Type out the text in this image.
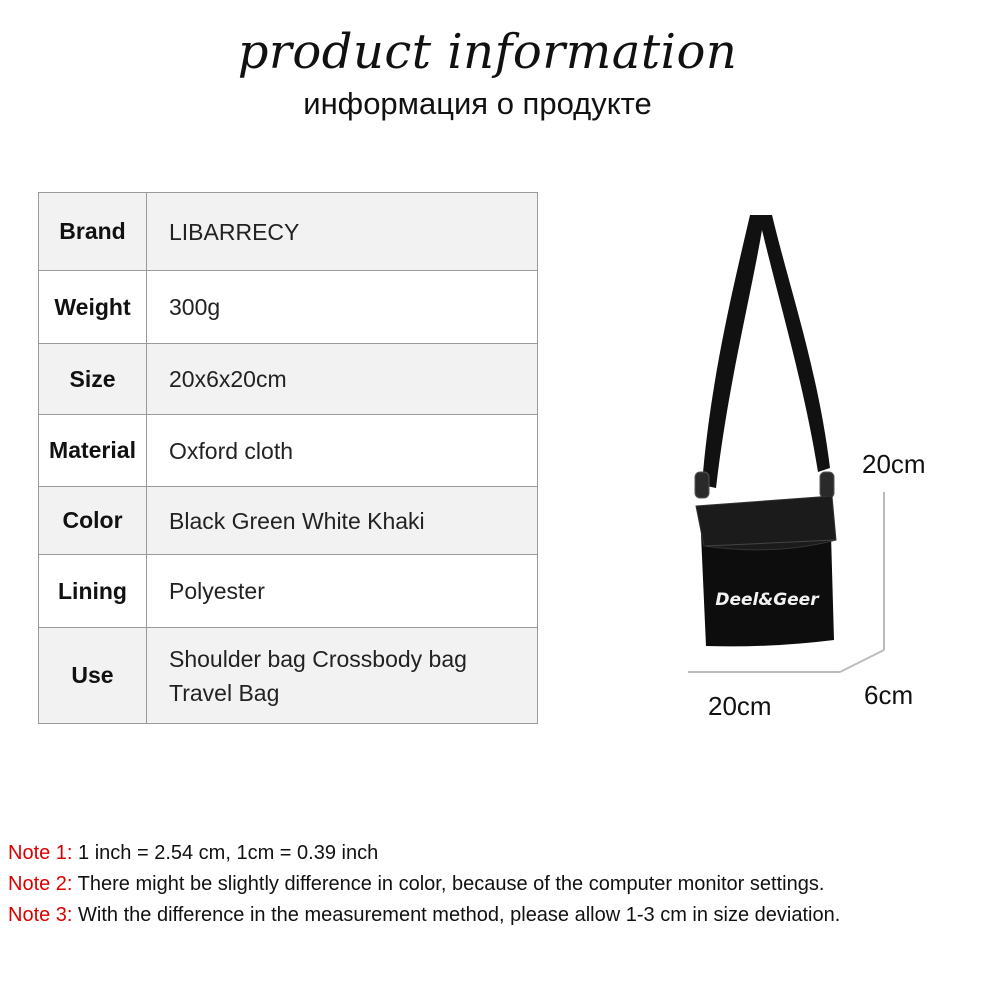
product information
информация о продукте
Brand	LIBARRECY
Weight	300g
Size	20x6x20cm
Material	Oxford cloth
Color	Black Green White Khaki
Lining	Polyester
Use	Shoulder bag Crossbody bag
Travel Bag
Deel&Geer
20cm
20cm	6cm
Note 1: 1 inch = 2.54 cm, 1cm = 0.39 inch
Note 2: There might be slightly difference in color, because of the computer monitor settings.
Note 3: With the difference in the measurement method, please allow 1-3 cm in size deviation.
